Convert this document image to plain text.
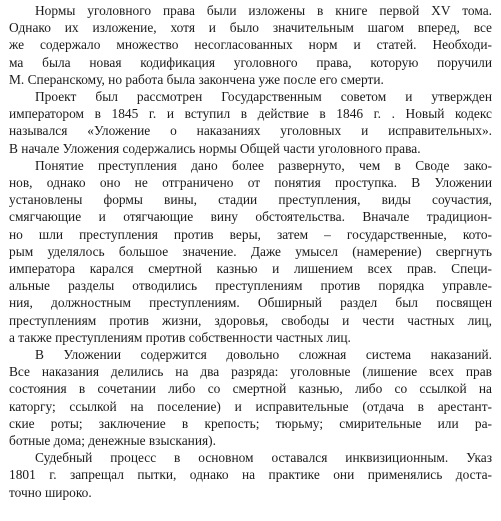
Нормы уголовного права были изложены в книге первой XV тома.
Однако их изложение, хотя и было значительным шагом вперед, все
же содержало множество несогласованных норм и статей. Необходи-
ма была новая кодификация уголовного права, которую поручили
М. Сперанскому, но работа была закончена уже после его смерти.
Проект был рассмотрен Государственным советом и утвержден
императором в 1845 г. и вступил в действие в 1846 г. . Новый кодекс
назывался «Уложение о наказаниях уголовных и исправительных».
В начале Уложения содержались нормы Общей части уголовного права.
Понятие преступления дано более развернуто, чем в Своде зако-
нов, однако оно не отграничено от понятия проступка. В Уложении
установлены формы вины, стадии преступления, виды соучастия,
смягчающие и отягчающие вину обстоятельства. Вначале традицион-
но шли преступления против веры, затем – государственные, кото-
рым уделялось большое значение. Даже умысел (намерение) свергнуть
императора карался смертной казнью и лишением всех прав. Специ-
альные разделы отводились преступлениям против порядка управле-
ния, должностным преступлениям. Обширный раздел был посвящен
преступлениям против жизни, здоровья, свободы и чести частных лиц,
а также преступлениям против собственности частных лиц.
В Уложении содержится довольно сложная система наказаний.
Все наказания делились на два разряда: уголовные (лишение всех прав
состояния в сочетании либо со смертной казнью, либо со ссылкой на
каторгу; ссылкой на поселение) и исправительные (отдача в арестант-
ские роты; заключение в крепость; тюрьму; смирительные или ра-
ботные дома; денежные взыскания).
Судебный процесс в основном оставался инквизиционным. Указ
1801 г. запрещал пытки, однако на практике они применялись доста-
точно широко.
